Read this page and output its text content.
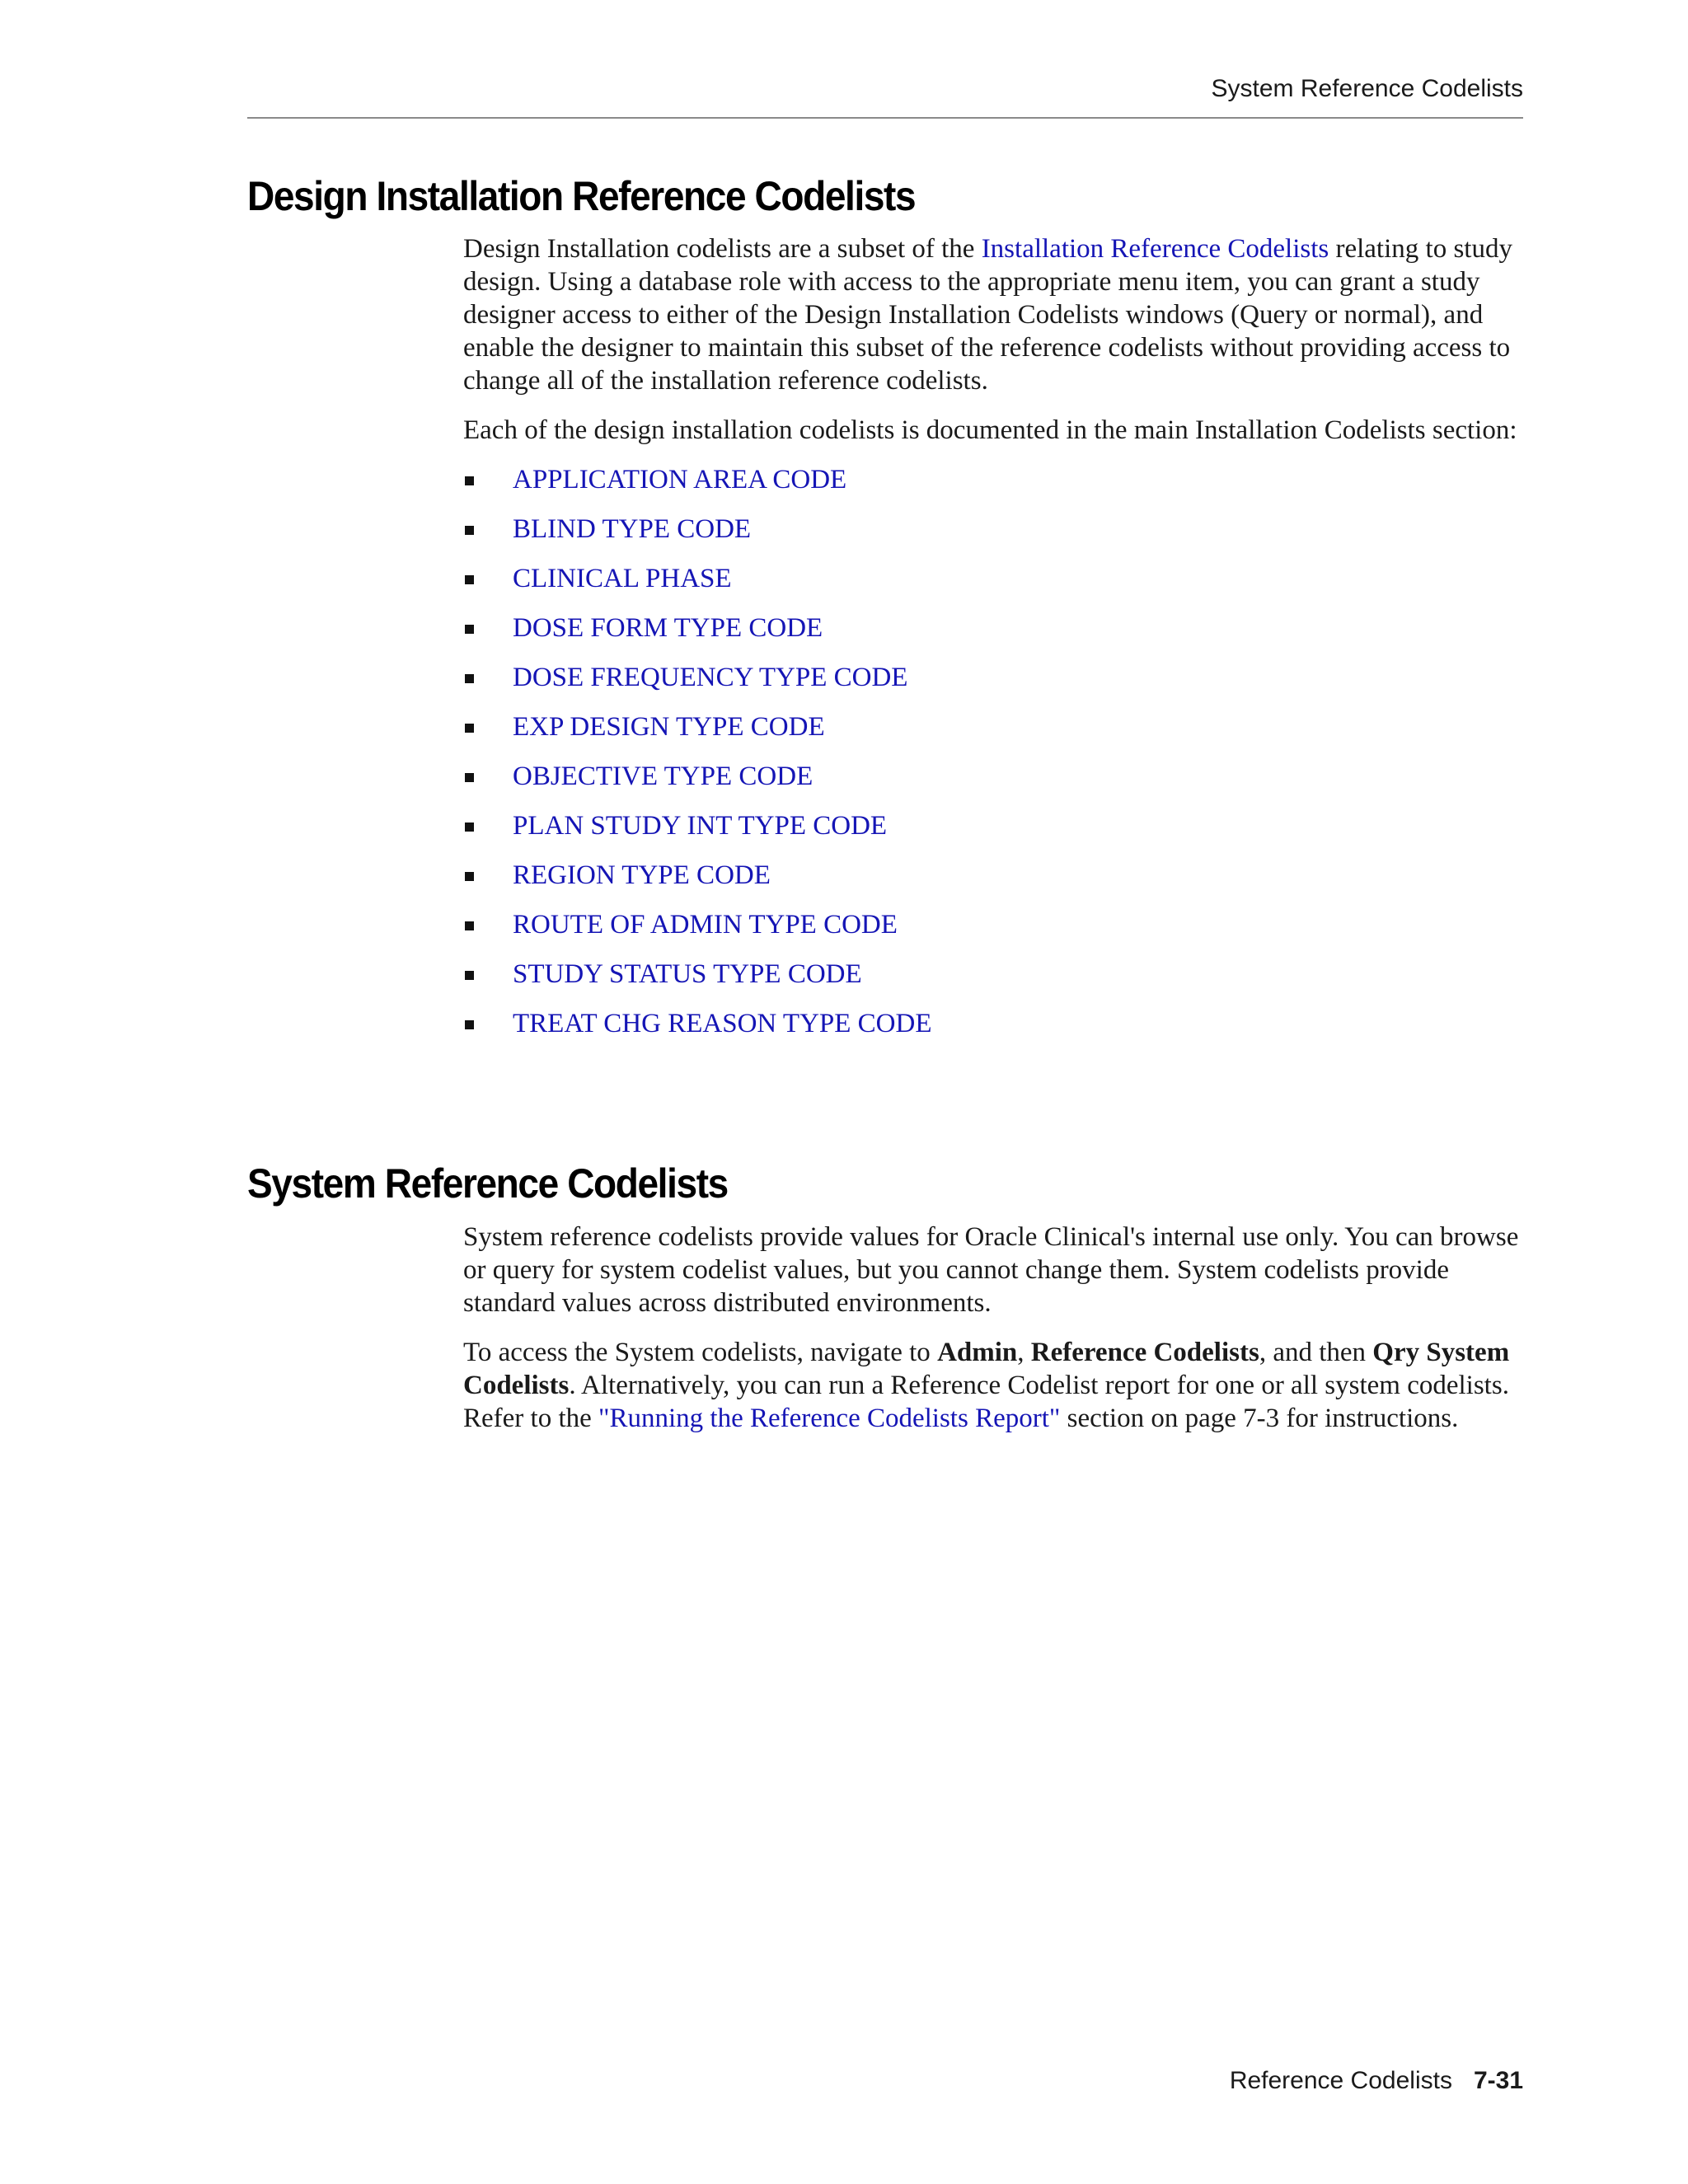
System Reference Codelists
Design Installation Reference Codelists

Design Installation codelists are a subset of the Installation Reference Codelists relating to study design. Using a database role with access to the appropriate menu item, you can grant a study designer access to either of the Design Installation Codelists windows (Query or normal), and enable the designer to maintain this subset of the reference codelists without providing access to change all of the installation reference codelists.

Each of the design installation codelists is documented in the main Installation Codelists section:

APPLICATION AREA CODE
BLIND TYPE CODE
CLINICAL PHASE
DOSE FORM TYPE CODE
DOSE FREQUENCY TYPE CODE
EXP DESIGN TYPE CODE
OBJECTIVE TYPE CODE
PLAN STUDY INT TYPE CODE
REGION TYPE CODE
ROUTE OF ADMIN TYPE CODE
STUDY STATUS TYPE CODE
TREAT CHG REASON TYPE CODE
System Reference Codelists

System reference codelists provide values for Oracle Clinical's internal use only. You can browse or query for system codelist values, but you cannot change them. System codelists provide standard values across distributed environments.

To access the System codelists, navigate to Admin, Reference Codelists, and then Qry System Codelists. Alternatively, you can run a Reference Codelist report for one or all system codelists. Refer to the "Running the Reference Codelists Report" section on page 7-3 for instructions.

Reference Codelists 7-31
